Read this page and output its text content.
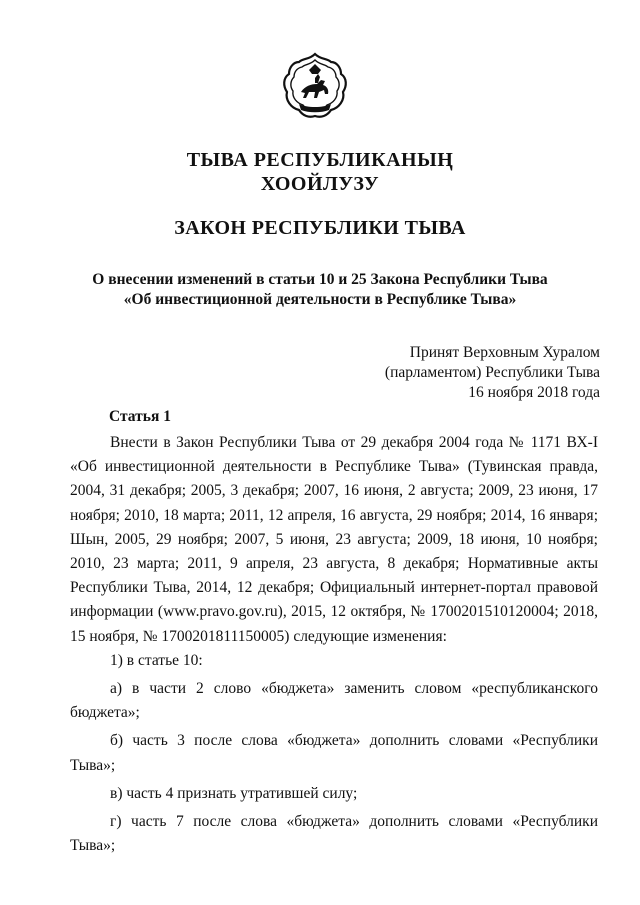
ТЫВА РЕСПУБЛИКАНЫҢ
ХООЙЛУЗУ
ЗАКОН РЕСПУБЛИКИ ТЫВА
О внесении изменений в статьи 10 и 25 Закона Республики Тыва
«Об инвестиционной деятельности в Республике Тыва»
Принят Верховным Хуралом
(парламентом) Республики Тыва
16 ноября 2018 года
Статья 1

Внести в Закон Республики Тыва от 29 декабря 2004 года № 1171 ВХ-I «Об инвестиционной деятельности в Республике Тыва» (Тувинская правда, 2004, 31 декабря; 2005, 3 декабря; 2007, 16 июня, 2 августа; 2009, 23 июня, 17 ноября; 2010, 18 марта; 2011, 12 апреля, 16 августа, 29 ноября; 2014, 16 января; Шын, 2005, 29 ноября; 2007, 5 июня, 23 августа; 2009, 18 июня, 10 ноября; 2010, 23 марта; 2011, 9 апреля, 23 августа, 8 декабря; Нормативные акты Республики Тыва, 2014, 12 декабря; Официальный интернет-портал правовой информации (www.pravo.gov.ru), 2015, 12 октября, № 1700201510120004; 2018, 15 ноября, № 1700201811150005) следующие изменения:

1) в статье 10:

а) в части 2 слово «бюджета» заменить словом «республиканского бюджета»;

б) часть 3 после слова «бюджета» дополнить словами «Республики Тыва»;

в) часть 4 признать утратившей силу;

г) часть 7 после слова «бюджета» дополнить словами «Республики Тыва»;
